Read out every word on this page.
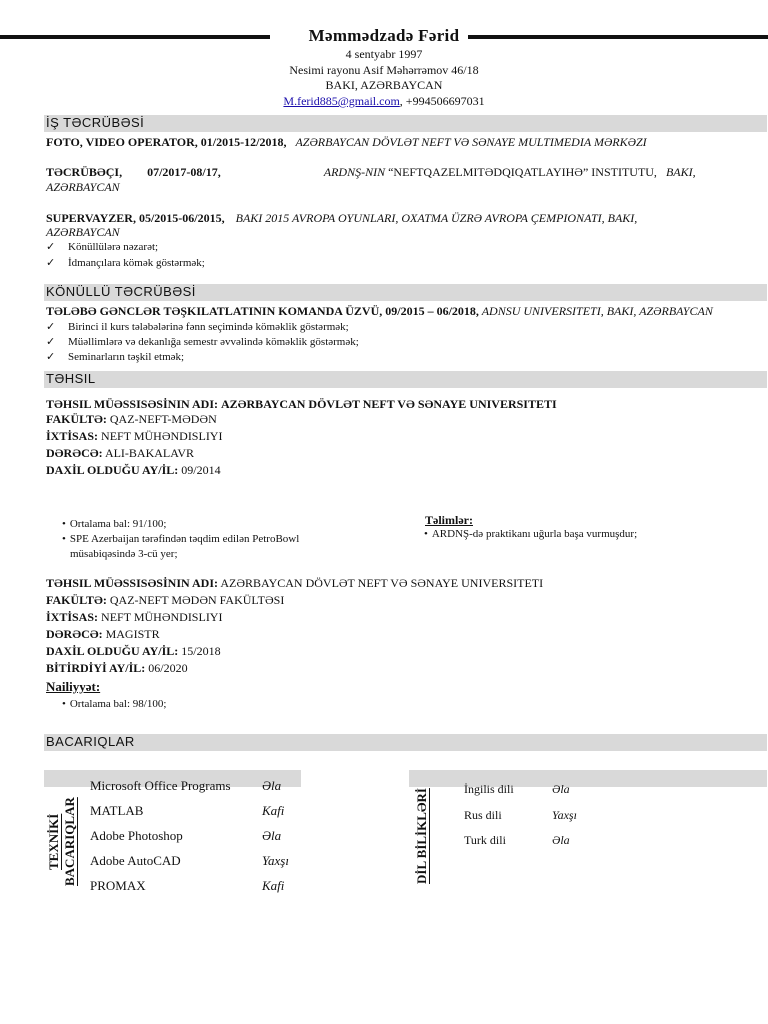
Məmmədzadə Fərid
4 sentyabr 1997
Nesimi rayonu Asif Məhərrəmov 46/18
BAKI, AZƏRBAYCAN
M.ferid885@gmail.com, +994506697031
İŞ TƏCRÜBƏSİ
FOTO, VIDEO OPERATOR, 01/2015-12/2018, AZƏRBAYCAN DÖVLƏT NEFT VƏ SƏNAYE MULTIMEDIA MƏRKƏZI
TƏCRÜBƏÇI, 07/2017-08/17,	ARDNŞ-NIN “NEFTQAZELMITƏDQIQATLAYIHƏ” INSTITUTU, BAKI,
AZƏRBAYCAN
SUPERVAYZER, 05/2015-06/2015, BAKI 2015 AVROPA OYUNLARI, OXATMA ÜZRƏ AVROPA ÇEMPIONATI, BAKI,
AZƏRBAYCAN
✓ Könüllülərə nəzarət;
✓ İdmançılara kömək göstərmək;
KÖNÜLLÜ TƏCRÜBƏSİ
TƏLƏBƏ GƏNCLƏR TƏŞKILATLATININ KOMANDA ÜZVÜ, 09/2015 – 06/2018, ADNSU UNIVERSITETI, BAKI, AZƏRBAYCAN
✓ Birinci il kurs tələbələrinə fənn seçimində köməklik göstərmək;
✓ Müəllimlərə və dekanlığa semestr əvvəlində köməklik göstərmək;
✓ Seminarların təşkil etmək;
TƏHSIL
TƏHSIL MÜƏSSISƏSİNIN ADI: AZƏRBAYCAN DÖVLƏT NEFT VƏ SƏNAYE UNIVERSITETI
FAKÜLTƏ: QAZ-NEFT-MƏDƏN
İXTİSAS: NEFT MÜHƏNDISLIYI
DƏRƏCƏ: ALI-BAKALAVR
DAXİL OLDUĞU AY/İL: 09/2014
• Ortalama bal: 91/100;
• SPE Azerbaijan tərəfindən təqdim edilən PetroBowl
müsabiqəsində 3-cü yer;
Təlimlər:
• ARDNŞ-də praktikanı uğurla başa vurmuşdur;
TƏHSIL MÜƏSSISƏSİNIN ADI: AZƏRBAYCAN DÖVLƏT NEFT VƏ SƏNAYE UNIVERSITETI
FAKÜLTƏ: QAZ-NEFT MƏDƏN FAKÜLTƏSI
İXTİSAS: NEFT MÜHƏNDISLIYI
DƏRƏCƏ: MAGISTR
DAXİL OLDUĞU AY/İL: 15/2018
BİTİRDİYİ AY/İL: 06/2020
Nailiyyət:
• Ortalama bal: 98/100;
BACARIQLAR
TEXNİKİ BACARIQLAR
Microsoft Office Programs Əla
MATLAB	Kafi
Adobe Photoshop	Əla
Adobe AutoCAD	Yaxşı
PROMAX	Kafi
DİL BİLİKLƏRİ	İngilis dili	Əla
Rus dili	Yaxşı
Turk dili	Əla
